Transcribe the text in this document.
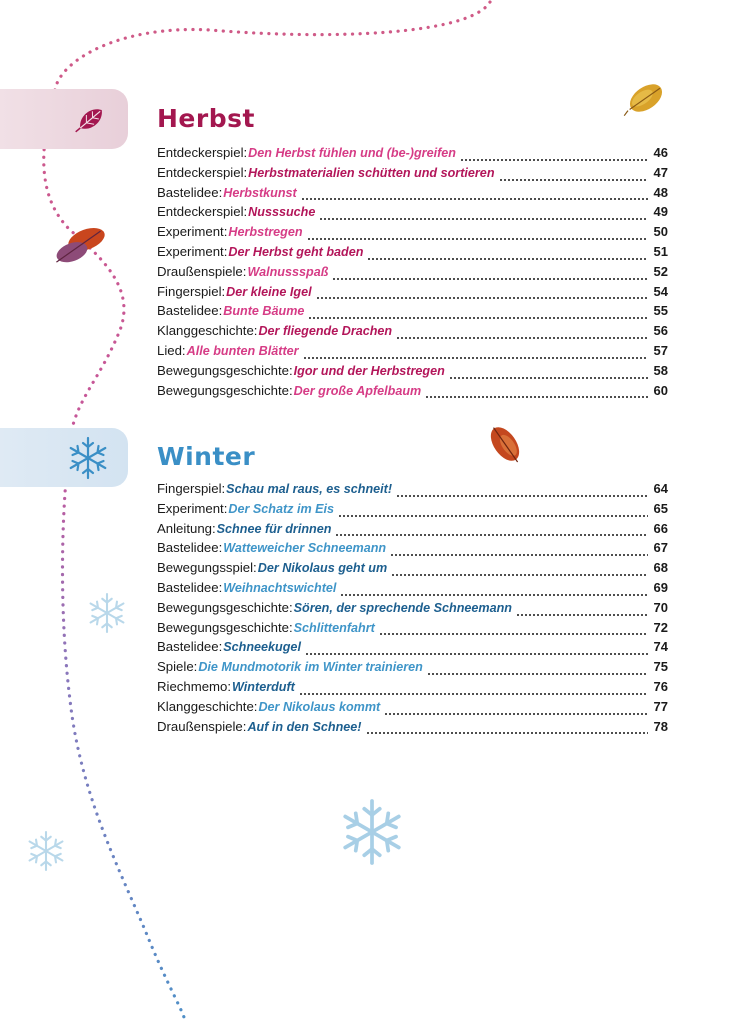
Herbst
Entdeckerspiel: Den Herbst fühlen und (be-)greifen	46
Entdeckerspiel: Herbstmaterialien schütten und sortieren	47
Bastelidee: Herbstkunst	48
Entdeckerspiel: Nusssuche	49
Experiment: Herbstregen	50
Experiment: Der Herbst geht baden	51
Draußenspiele: Walnussspaß	52
Fingerspiel: Der kleine Igel	54
Bastelidee: Bunte Bäume	55
Klanggeschichte: Der fliegende Drachen	56
Lied: Alle bunten Blätter	57
Bewegungsgeschichte: Igor und der Herbstregen	58
Bewegungsgeschichte: Der große Apfelbaum	60
Winter
Fingerspiel: Schau mal raus, es schneit!	64
Experiment: Der Schatz im Eis	65
Anleitung: Schnee für drinnen	66
Bastelidee: Watteweicher Schneemann	67
Bewegungsspiel: Der Nikolaus geht um	68
Bastelidee: Weihnachtswichtel	69
Bewegungsgeschichte: Sören, der sprechende Schneemann	70
Bewegungsgeschichte: Schlittenfahrt	72
Bastelidee: Schneekugel	74
Spiele: Die Mundmotorik im Winter trainieren	75
Riechmemo: Winterduft	76
Klanggeschichte: Der Nikolaus kommt	77
Draußenspiele: Auf in den Schnee!	78
